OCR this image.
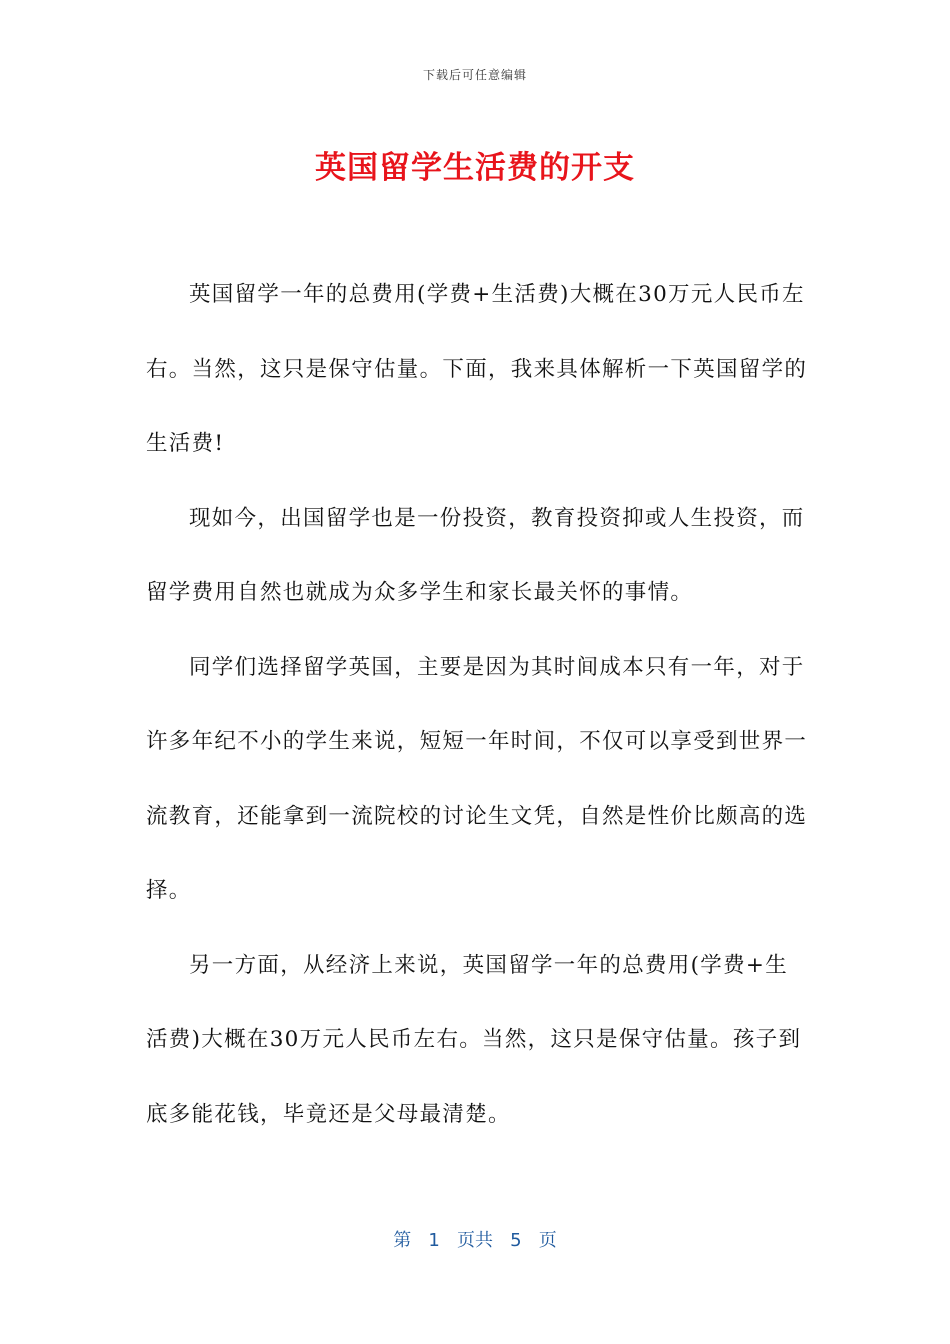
下载后可任意编辑
英国留学生活费的开支

英国留学一年的总费用(学费+生活费)大概在30万元人民币左右。当然，这只是保守估量。下面，我来具体解析一下英国留学的生活费!

现如今，出国留学也是一份投资，教育投资抑或人生投资，而留学费用自然也就成为众多学生和家长最关怀的事情。

同学们选择留学英国，主要是因为其时间成本只有一年，对于许多年纪不小的学生来说，短短一年时间，不仅可以享受到世界一流教育，还能拿到一流院校的讨论生文凭，自然是性价比颇高的选择。

另一方面，从经济上来说，英国留学一年的总费用(学费+生活费)大概在30万元人民币左右。当然，这只是保守估量。孩子到底多能花钱，毕竟还是父母最清楚。

第 1 页共 5 页
